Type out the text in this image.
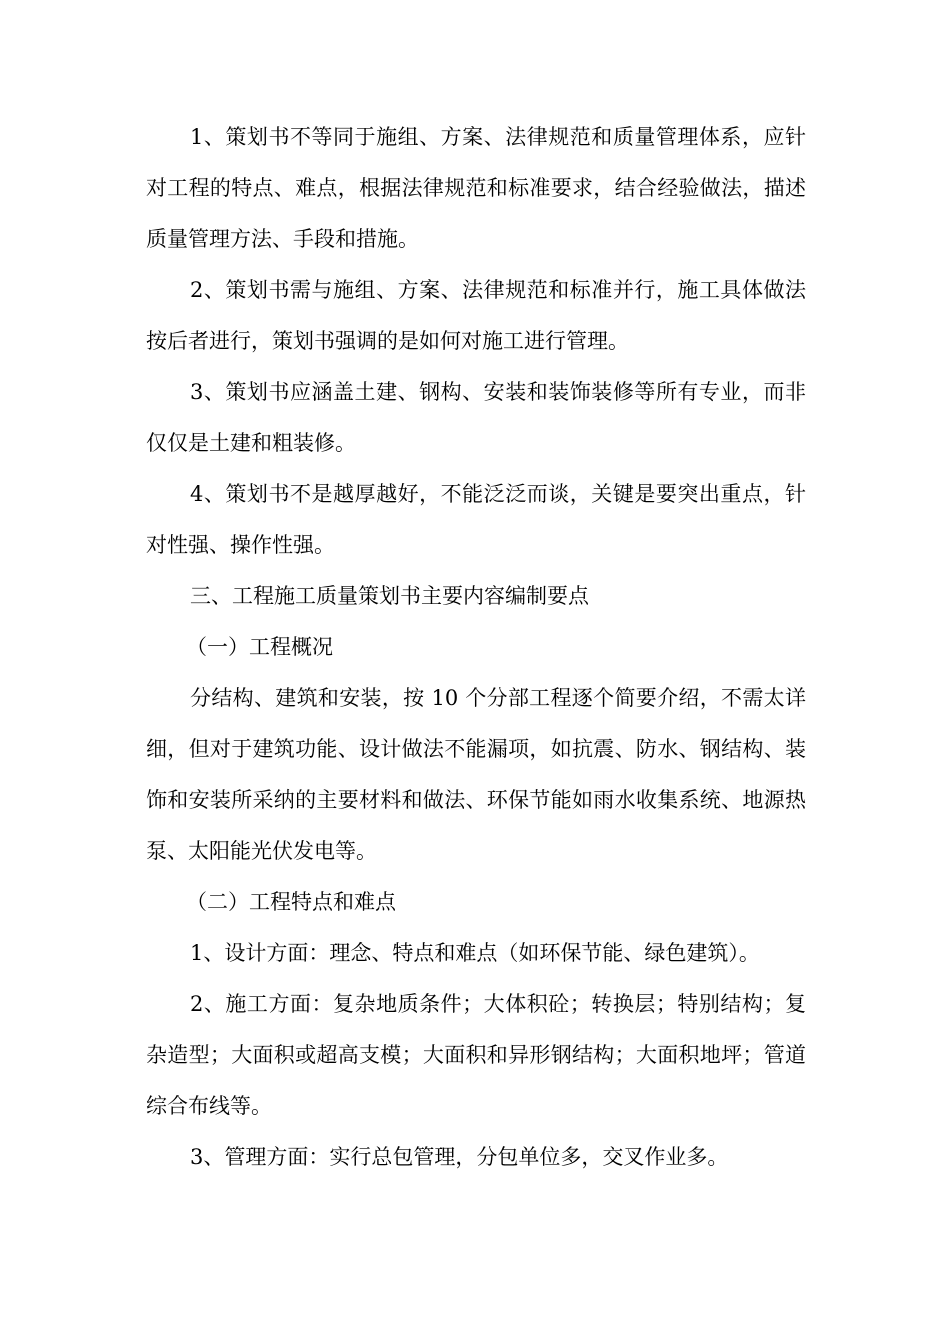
1、策划书不等同于施组、方案、法律规范和质量管理体系，应针对工程的特点、难点，根据法律规范和标准要求，结合经验做法，描述质量管理方法、手段和措施。

2、策划书需与施组、方案、法律规范和标准并行，施工具体做法按后者进行，策划书强调的是如何对施工进行管理。

3、策划书应涵盖土建、钢构、安装和装饰装修等所有专业，而非仅仅是土建和粗装修。

4、策划书不是越厚越好，不能泛泛而谈，关键是要突出重点，针对性强、操作性强。

三、工程施工质量策划书主要内容编制要点

（一）工程概况

分结构、建筑和安装，按 10 个分部工程逐个简要介绍，不需太详细，但对于建筑功能、设计做法不能漏项，如抗震、防水、钢结构、装饰和安装所采纳的主要材料和做法、环保节能如雨水收集系统、地源热泵、太阳能光伏发电等。

（二）工程特点和难点

1、设计方面：理念、特点和难点（如环保节能、绿色建筑）。

2、施工方面：复杂地质条件；大体积砼；转换层；特别结构；复杂造型；大面积或超高支模；大面积和异形钢结构；大面积地坪；管道综合布线等。

3、管理方面：实行总包管理，分包单位多，交叉作业多。
